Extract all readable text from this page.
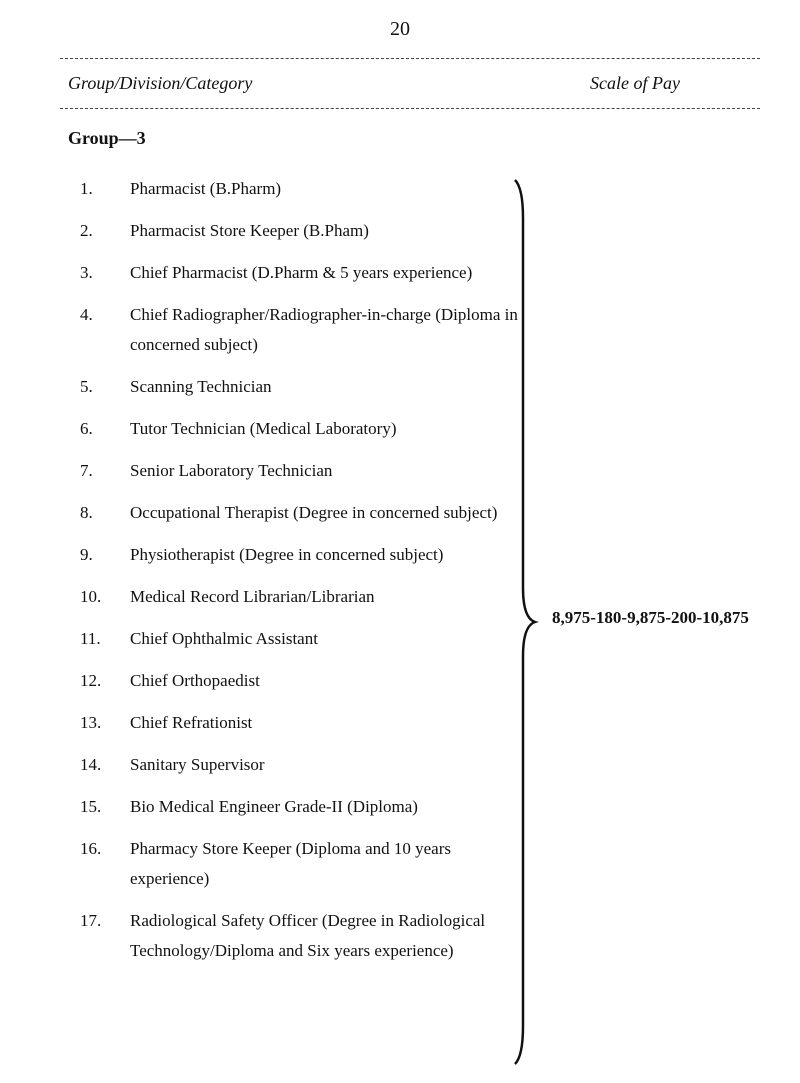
20
Group/Division/Category	Scale of Pay
Group—3
1.	Pharmacist (B.Pharm)
2.	Pharmacist Store Keeper (B.Pham)
3.	Chief Pharmacist (D.Pharm & 5 years experience)
4.	Chief Radiographer/Radiographer-in-charge (Diploma in concerned subject)
5.	Scanning Technician
6.	Tutor Technician (Medical Laboratory)
7.	Senior Laboratory Technician
8.	Occupational Therapist (Degree in concerned subject)
9.	Physiotherapist (Degree in concerned subject)
10.	Medical Record Librarian/Librarian
11.	Chief Ophthalmic Assistant
12.	Chief Orthopaedist
13.	Chief Refrationist
14.	Sanitary Supervisor
15.	Bio Medical Engineer Grade-II (Diploma)
16.	Pharmacy Store Keeper (Diploma and 10 years experience)
17.	Radiological Safety Officer (Degree in Radiological Technology/Diploma and Six years experience)
8,975-180-9,875-200-10,875
